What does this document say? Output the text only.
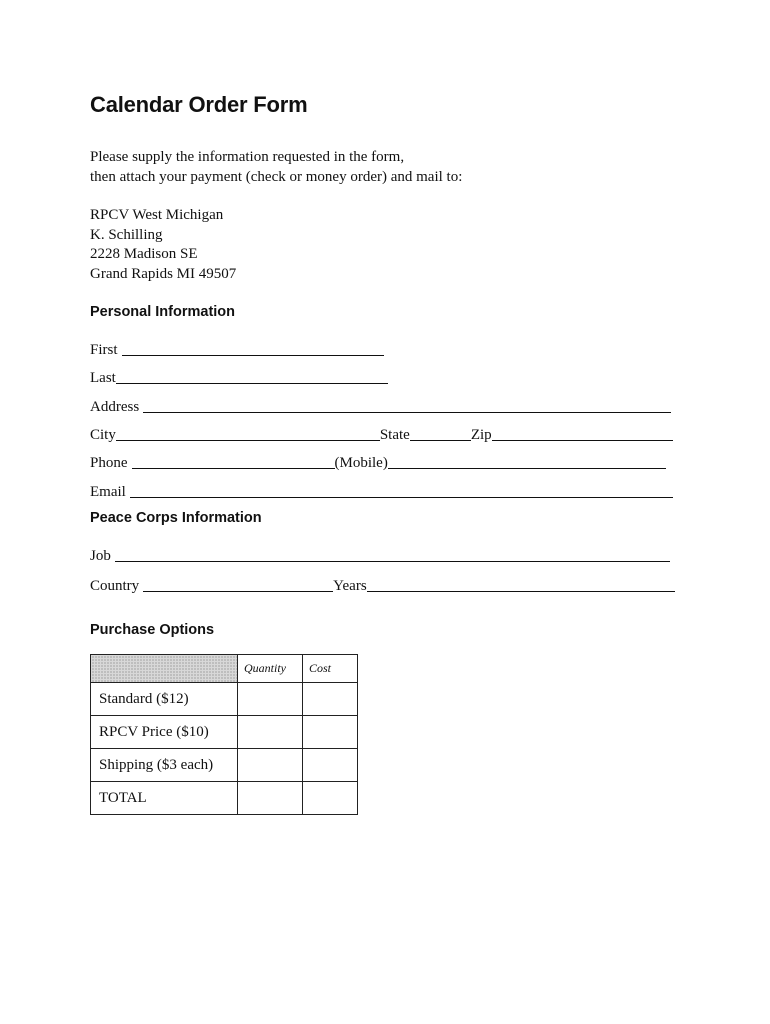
Calendar Order Form
Please supply the information requested in the form,
then attach your payment (check or money order) and mail to:
RPCV West Michigan
K. Schilling
2228 Madison SE
Grand Rapids MI 49507
Personal Information
First
Last
Address
City	State	Zip
Phone	(Mobile)
Email
Peace Corps Information
Job
Country	Years
Purchase Options
	Quantity	Cost
Standard ($12)		
RPCV Price ($10)		
Shipping ($3 each)		
TOTAL		
